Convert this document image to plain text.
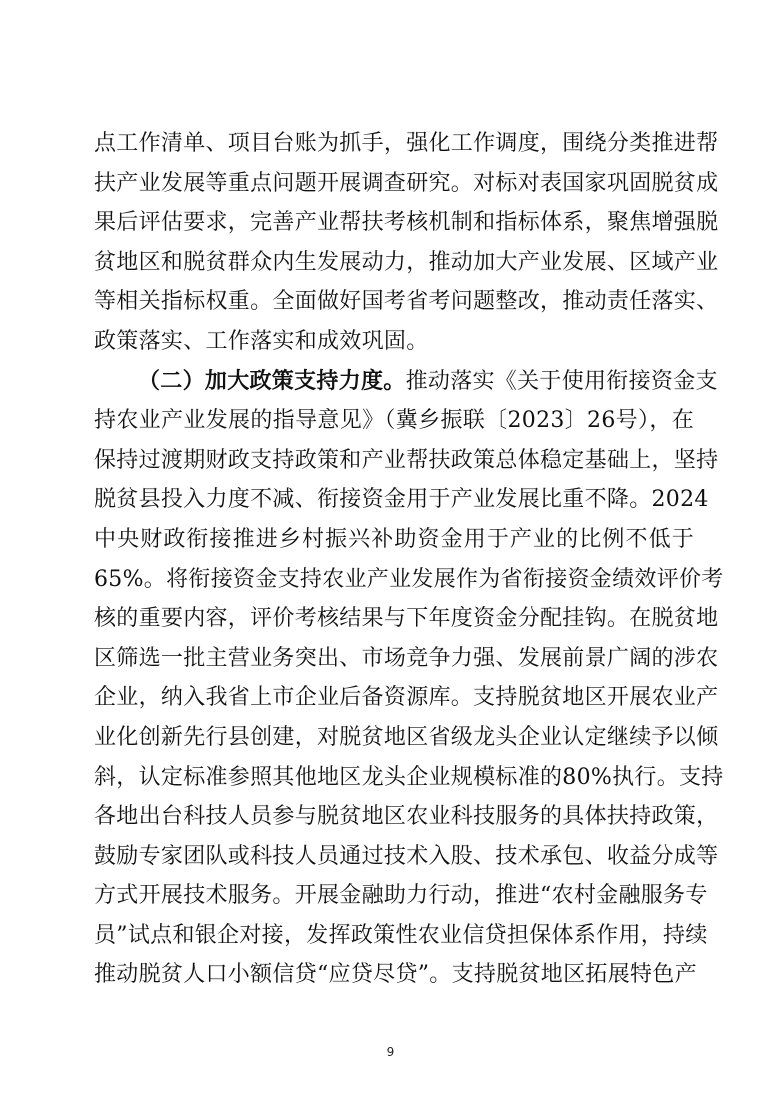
点工作清单、项目台账为抓手，强化工作调度，围绕分类推进帮
扶产业发展等重点问题开展调查研究。对标对表国家巩固脱贫成
果后评估要求，完善产业帮扶考核机制和指标体系，聚焦增强脱
贫地区和脱贫群众内生发展动力，推动加大产业发展、区域产业
等相关指标权重。全面做好国考省考问题整改，推动责任落实、
政策落实、工作落实和成效巩固。
（二）加大政策支持力度。推动落实《关于使用衔接资金支
持农业产业发展的指导意见》（冀乡振联〔2023〕26号），在
保持过渡期财政支持政策和产业帮扶政策总体稳定基础上，坚持
脱贫县投入力度不减、衔接资金用于产业发展比重不降。2024
中央财政衔接推进乡村振兴补助资金用于产业的比例不低于
65%。将衔接资金支持农业产业发展作为省衔接资金绩效评价考
核的重要内容，评价考核结果与下年度资金分配挂钩。在脱贫地
区筛选一批主营业务突出、市场竞争力强、发展前景广阔的涉农
企业，纳入我省上市企业后备资源库。支持脱贫地区开展农业产
业化创新先行县创建，对脱贫地区省级龙头企业认定继续予以倾
斜，认定标准参照其他地区龙头企业规模标准的80%执行。支持
各地出台科技人员参与脱贫地区农业科技服务的具体扶持政策，
鼓励专家团队或科技人员通过技术入股、技术承包、收益分成等
方式开展技术服务。开展金融助力行动，推进“农村金融服务专
员”试点和银企对接，发挥政策性农业信贷担保体系作用，持续
推动脱贫人口小额信贷“应贷尽贷”。支持脱贫地区拓展特色产
9
